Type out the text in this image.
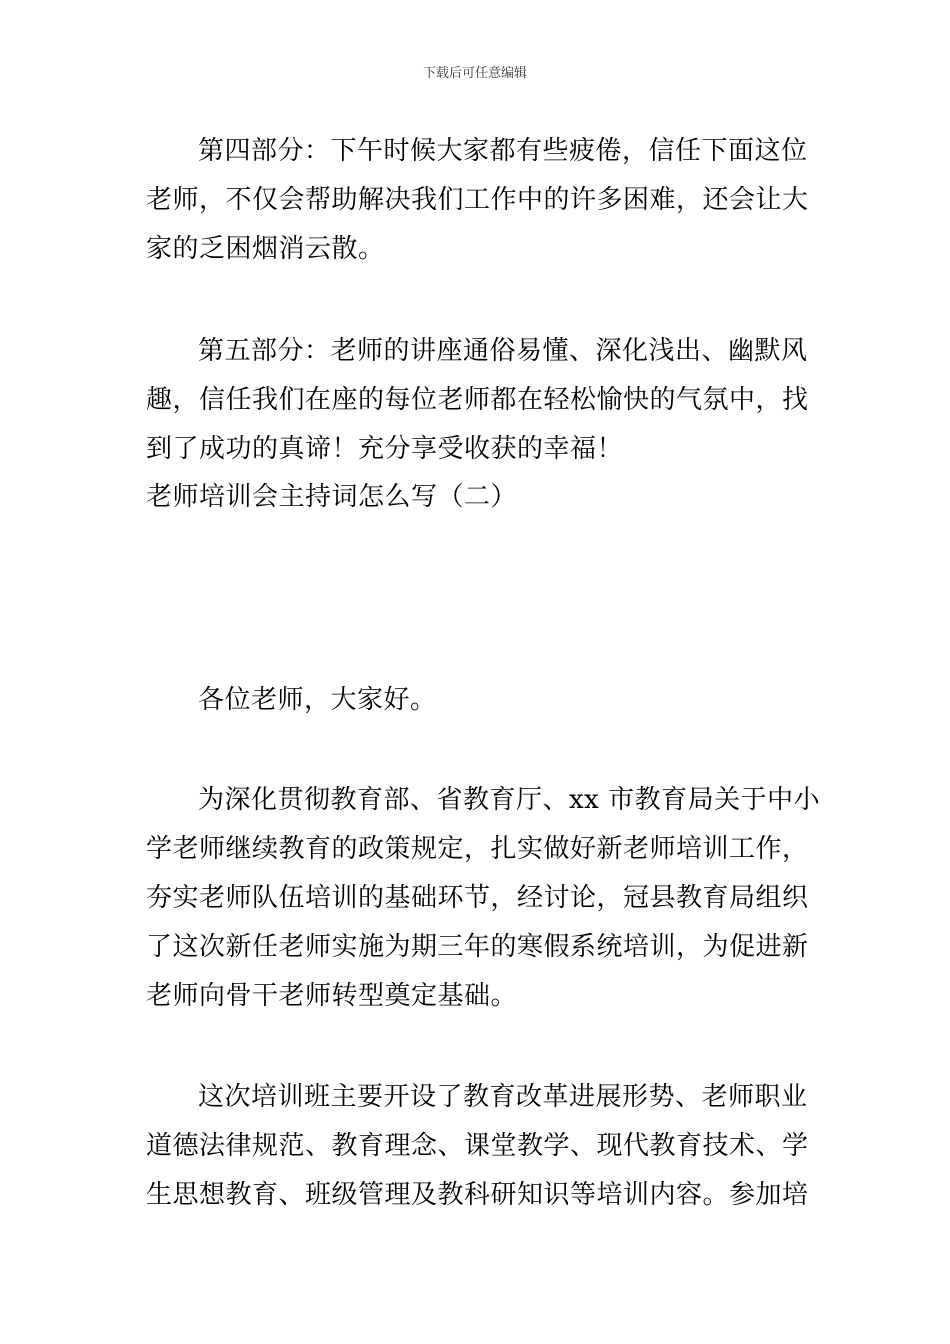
下载后可任意编辑
第四部分：下午时候大家都有些疲倦，信任下面这位
老师，不仅会帮助解决我们工作中的许多困难，还会让大
家的乏困烟消云散。
第五部分：老师的讲座通俗易懂、深化浅出、幽默风
趣，信任我们在座的每位老师都在轻松愉快的气氛中，找
到了成功的真谛！充分享受收获的幸福！
老师培训会主持词怎么写（二）
各位老师，大家好。
为深化贯彻教育部、省教育厅、xx 市教育局关于中小
学老师继续教育的政策规定，扎实做好新老师培训工作，
夯实老师队伍培训的基础环节，经讨论，冠县教育局组织
了这次新任老师实施为期三年的寒假系统培训，为促进新
老师向骨干老师转型奠定基础。
这次培训班主要开设了教育改革进展形势、老师职业
道德法律规范、教育理念、课堂教学、现代教育技术、学
生思想教育、班级管理及教科研知识等培训内容。参加培
